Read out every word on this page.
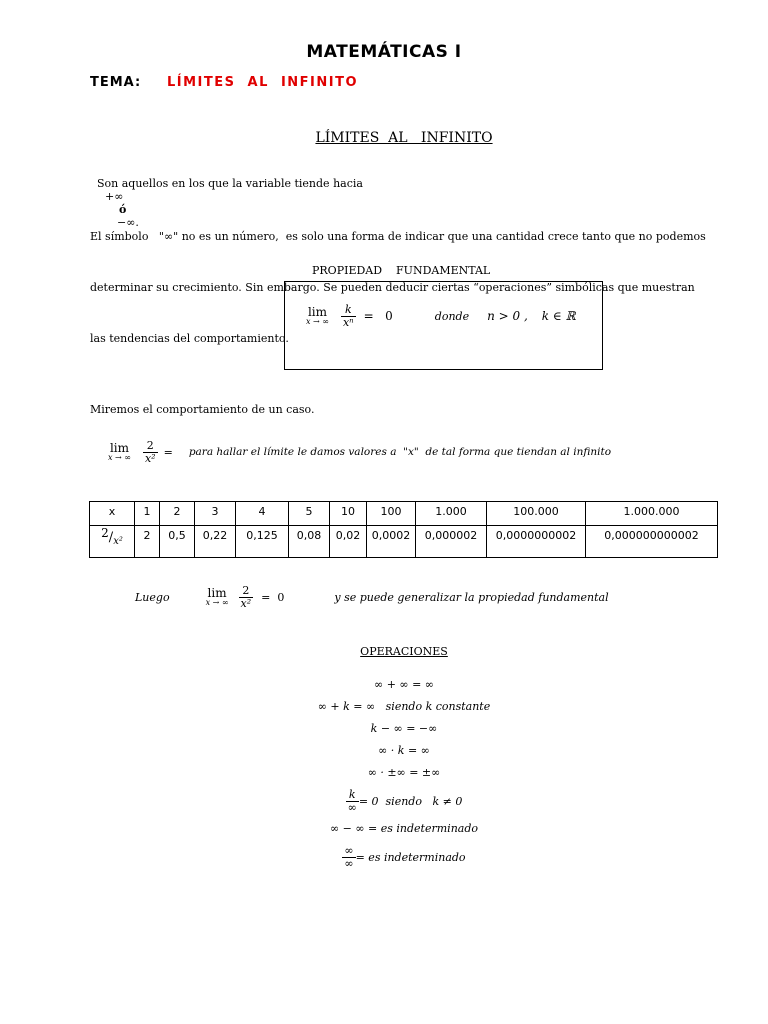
MATEMÁTICAS I
TEMA: LÍMITES  AL  INFINITO
LÍMITES  AL   INFINITO

Son aquellos en los que la variable tiende hacia
+∞
ó
−∞.

El símbolo   "∞" no es un número,  es solo una forma de indicar que una cantidad crece tanto que no podemos

determinar su crecimiento. Sin embargo. Se pueden deducir ciertas “operaciones” simbólicas que muestran

las tendencias del comportamiento.

PROPIEDAD    FUNDAMENTAL
lim
x → ∞ $\frac{k}{\text{xⁿ}} = 0$	donde n > 0 , k ∈ ℝ
Miremos el comportamiento de un caso.
lim
x → ∞ $\frac{2}{\text{x²}}$ = para hallar el límite le damos valores a  "x"  de tal forma que tiendan al infinito
x	1	2	3	4	5	10	100	1.000	100.000	1.000.000
2/x²	2	0,5	0,22	0,125	0,08	0,02	0,0002	0,000002	0,0000000002	0,000000000002
Luego	lim
x → ∞ $\frac{2}{\text{x²}} = 0$	y se puede generalizar la propiedad fundamental
OPERACIONES
∞ + ∞ = ∞
∞ + k = ∞   siendo k constante
k − ∞ = −∞
∞ · k = ∞
∞ · ±∞ = ±∞
$\frac{k}{\infty} = 0$  siendo   k ≠ 0
∞ − ∞ = es indeterminado
$\frac{\infty}{\infty}$ = es indeterminado
